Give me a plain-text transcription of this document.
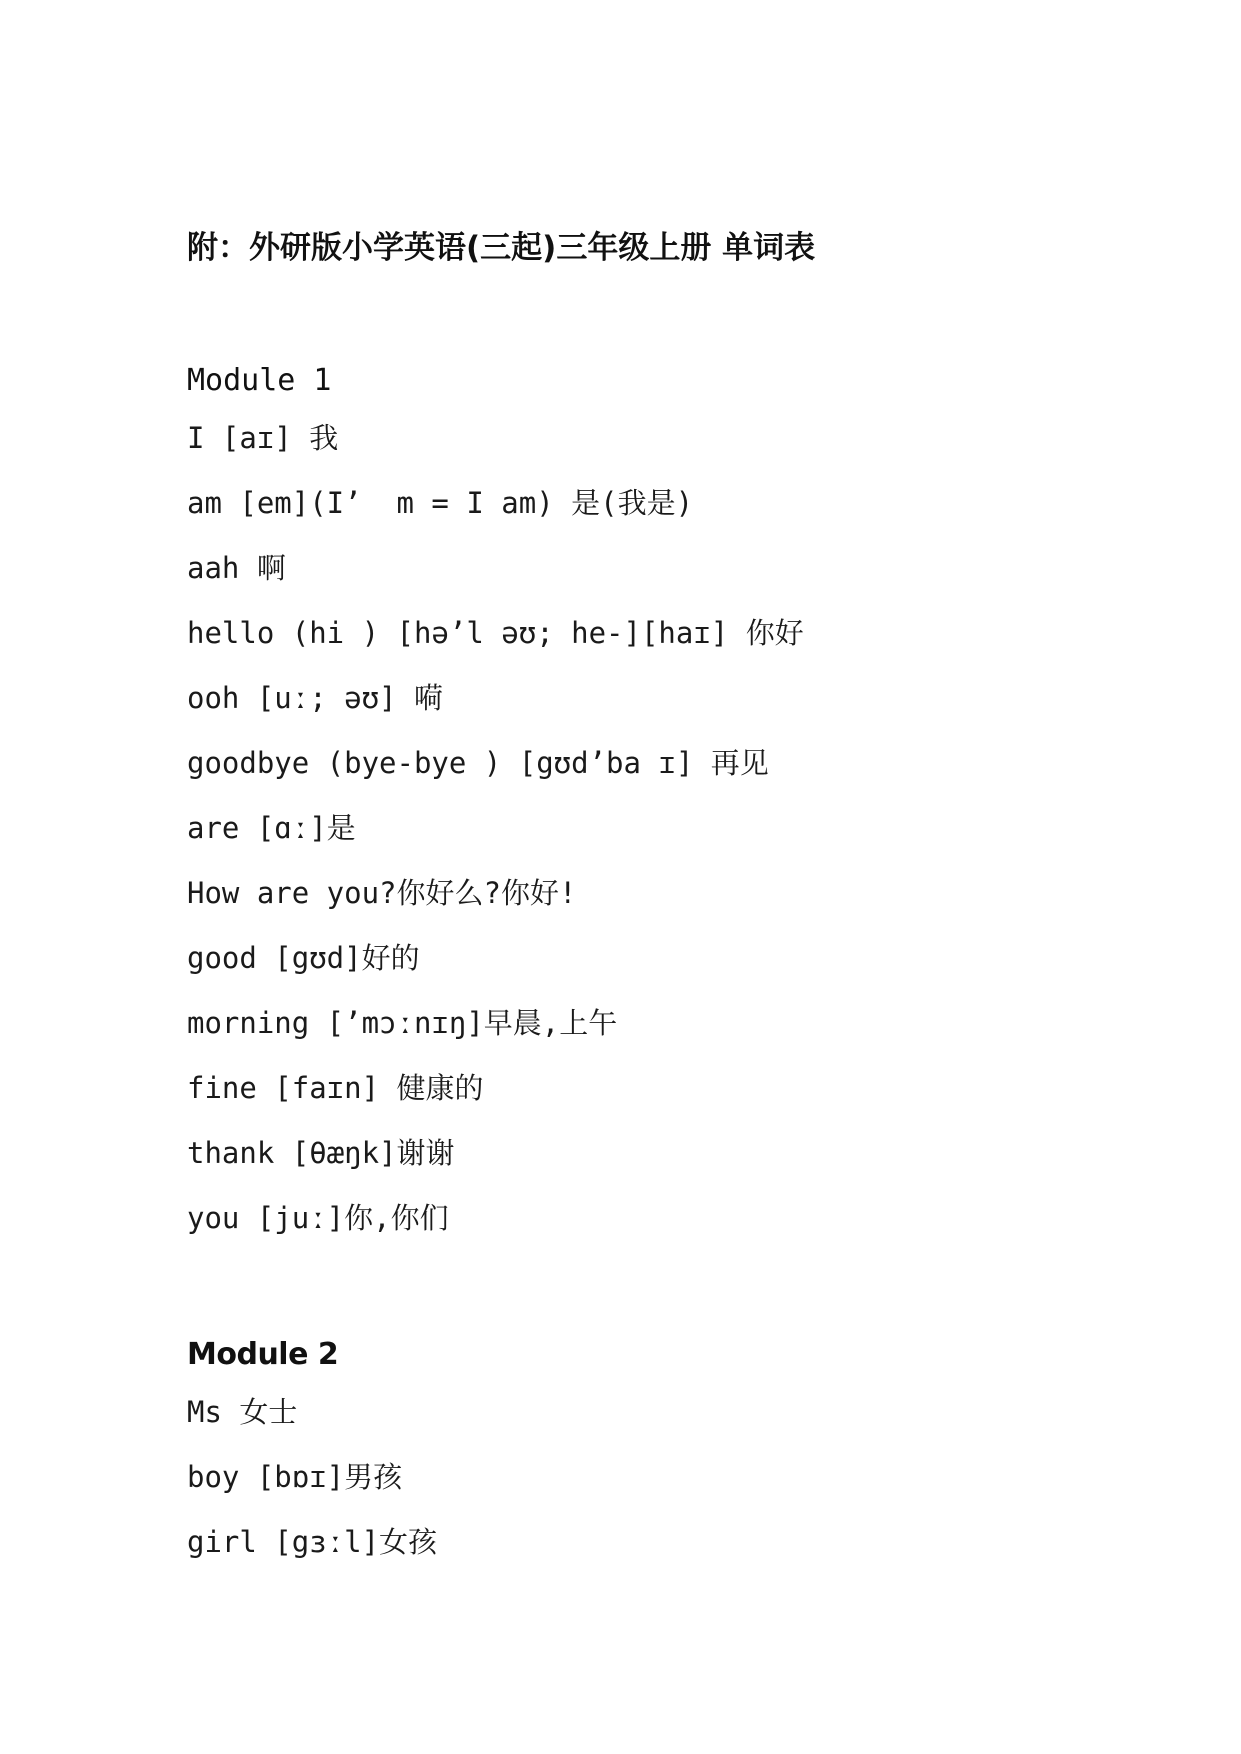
附：外研版小学英语(三起)三年级上册 单词表
Module 1
I [aɪ] 我
am [em](I’  m = I am) 是(我是)
aah 啊
hello (hi ) [hə’l əʊ; he-][haɪ] 你好
ooh [uː; əʊ] 嗬
goodbye (bye-bye ) [gʊd’ba ɪ] 再见
are [ɑː]是
How are you?你好么?你好!
good [gʊd]好的
morning [’mɔːnɪŋ]早晨,上午
fine [faɪn] 健康的
thank [θæŋk]谢谢
you [juː]你,你们
Module 2
Ms 女士
boy [bɒɪ]男孩
girl [gɜːl]女孩
